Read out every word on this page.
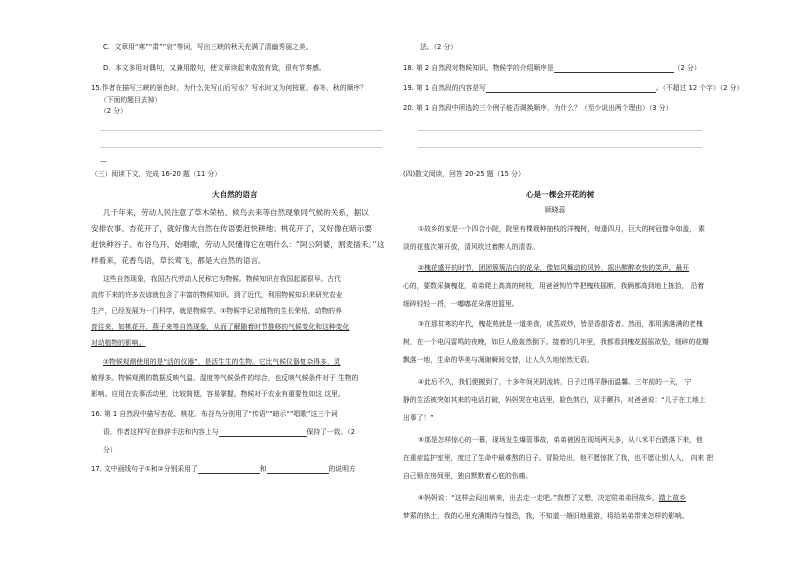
C．文章用“寒”“肃”“哀”等词，写出三峡的秋天充满了清幽秀丽之美。
D．本文多用对偶句，又兼用散句，使文章读起来收放有致，很有节奏感。
15.作者在描写三峡的景色时，为什么先写山后写水？写水时又为何按夏、春冬、秋的顺序？
（下面的题目去掉）
（2 分）
—
（三）阅读下文，完成 16-20 题（11 分）
大自然的语言
几千年来，劳动人民注意了草木荣枯、候鸟去来等自然现象同气候的关系，据以
安排农事。杏花开了，就好像大自然在传语要赶快耕地；桃花开了，又好像在暗示要
赶快种谷子。布谷鸟开，始唱歌，劳动人民懂得它在唱什么：“阿公阿婆，割麦插禾。’’这
样看来，花香鸟语，草长莺飞，都是大自然的语言。
这些自然现象，我国古代劳动人民称它为物候。物候知识在我国起源很早。古代
流传下来的许多农谚就包含了丰富的物候知识。到了近代，利用物候知识来研究农业
生产，已经发展为一门科学，就是物候学。①物候学记录植物的生长荣枯，动物的养
育往来，如桃花开、燕子来等自然现象，从而了解随着时节推移的气候变化和这种变化
对动植物的影响。
②物候观测使用的是“活的仪器”，是活生生的生物。它比气候仪器复杂得多，灵
敏得多。物候观测的数据反映气温、湿度等气候条件的综合，也反映气候条件对于 生物的
影响。应用在农事活动里，比较简便，容易掌握。物候对于农业有重要性如这 这里。
16. 第 1 自然段中描写杏花、桃花、布谷鸟分别用了“传语”“暗示”“唱歌”这三个词
语，作者这样写在修辞手法和内容上与	保持了一致。（2
分）
17. 文中画线句子①和②分别采用了	和	的说明方
法。（2 分）
18. 第 2 自然段对物候知识、物候学的介绍顺序是	（2 分）
19. 第 1 自然段的内容是写	。（不超过 12 个字）（2 分）
20. 第 1 自然段中所选的三个例子能否调换顺序，为什么？（至少说出两个理由）（3 分）
(四)散文阅读，回答 20-25 题（15 分）
心是一棵会开花的树
顾晓蕊
①故乡的家是一个四合小院，院里有棵栽种抽枝的洋槐树，每逢四月，巨大的树冠像伞如盖， 素
淡的花苞次第开放，清风吹过着醉人的清香。
②槐花盛开的时节，团团簇簇洁白的花朵，像如风舞动的风铃，摇出醉醉欢快的笑声。最开
心的，要数采摘槐花，弟弟爬上高高的树枝，用爸爸钩竹竿把槐枝摇断，我俩都高到地上拣拾， 沿着
细碎轻轻一捋，一嘟嘟花朵落进篮里。
③在那贫寒的年代，槐花苑就是一道美食，或蒸或炒，皆是香甜香者。然而，那用满落满的老槐
树，在一个电闪雷鸣的夜晚，如巨人般轰然倒下。接着的几年里，我都看到槐花摇摇欲坠，细碎的花瓣
飘落一地，生命的华美与凋谢瞬间交替，让人久久地惊然无语。
④此后不久，我们便搬到了，十多年间光阴流转，日子过得平静而温馨。三年前的一天， 宁
静的生活被突如其来的电话打破，妈妈哭在电话里，脸色煞白，双手颤抖，对爸爸说：“儿子在工地上
出事了！”
⑤那是怎样惊心的一幕，现场发生爆管事故，弟弟被困在现场两天多，从八米平台跌落下来，他
在重症监护室里，度过了生命中最难熬的日子。冒险给出，他不愿惊扰了我，也不愿让别人人， 向来 把
自己锁在房间里，独自默默着心底的伤痛。
⑥妈妈说：“这样会闷出病来，出去走一走吧。”我想了又想，决定陪弟弟回故乡。踏上故乡
梦萦的热土，我的心里充满期待与惶恐，我，不知道一趟旧地重游，将给弟弟带来怎样的影响。
